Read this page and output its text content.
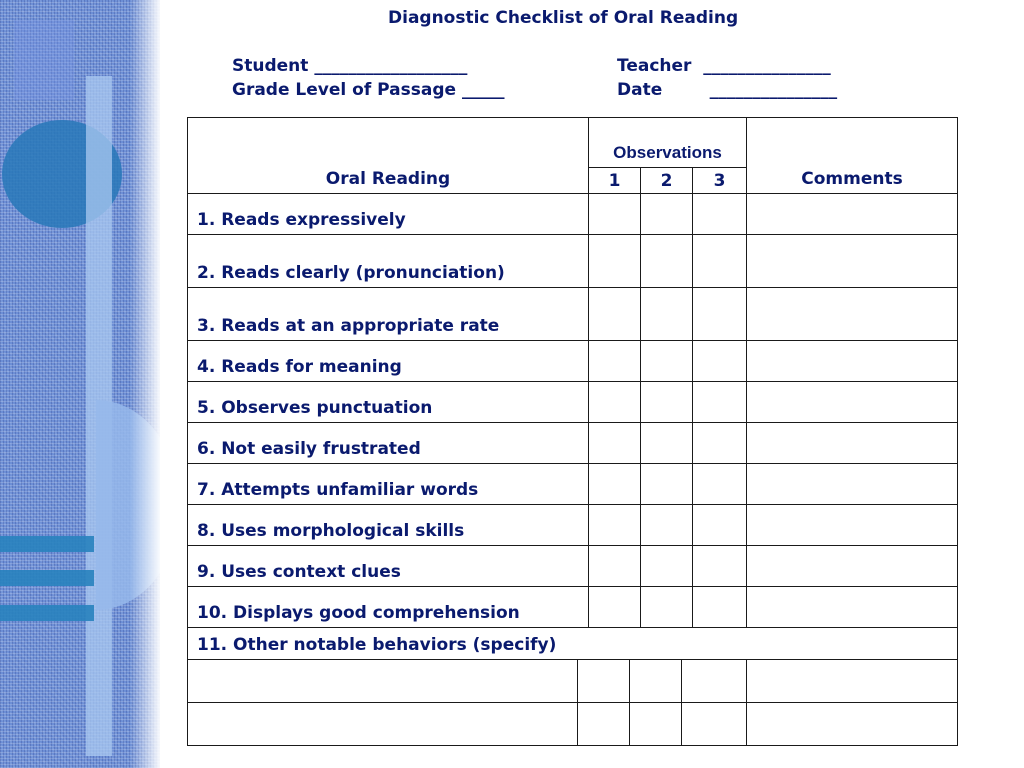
Diagnostic Checklist of Oral Reading
Student __________________
Grade Level of Passage _____
Teacher  _______________
Date        _______________
Oral Reading	Observations			Comments
	1	2	3	
1. Reads expressively				
2. Reads clearly (pronunciation)				
3. Reads at an appropriate rate				
4. Reads for meaning				
5. Observes punctuation				
6. Not easily frustrated				
7. Attempts unfamiliar words				
8. Uses morphological skills				
9. Uses context clues				
10. Displays good comprehension				
11. Other notable behaviors (specify)				
